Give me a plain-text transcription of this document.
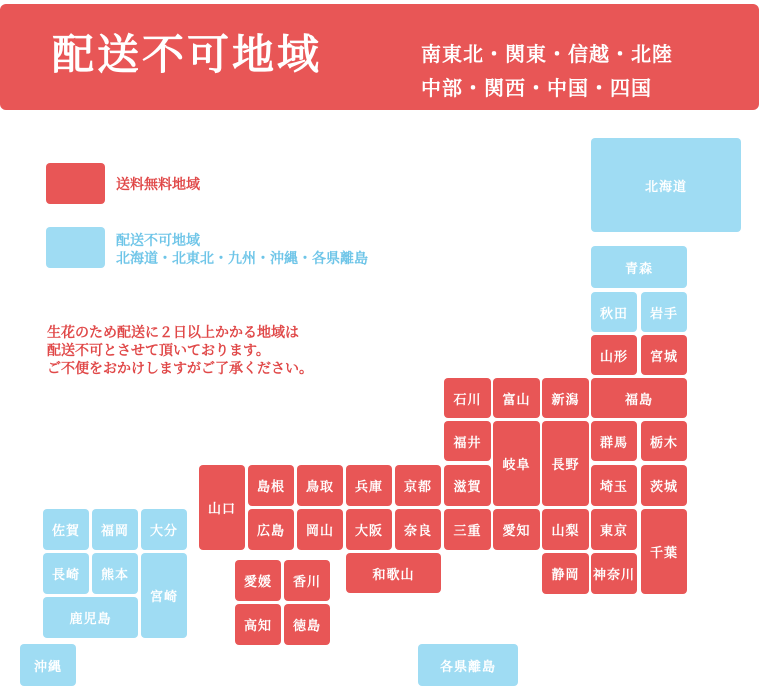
配送不可地域	南東北・関東・信越・北陸
中部・関西・中国・四国
送料無料地域
配送不可地域
北海道・北東北・九州・沖縄・各県離島
生花のため配送に２日以上かかる地域は
配送不可とさせて頂いております。
ご不便をおかけしますがご了承ください。
北海道
青森
秋田	岩手
山形	宮城
福島
石川	富山	新潟
福井
岐阜	長野
群馬	栃木
埼玉	茨城
山口
島根	鳥取	兵庫	京都	滋賀
広島	岡山	大阪	奈良	三重	愛知	山梨	東京
千葉
和歌山	静岡	神奈川
愛媛	香川
高知	徳島
佐賀	福岡	大分
長崎	熊本
宮崎
鹿児島
沖縄	各県離島
